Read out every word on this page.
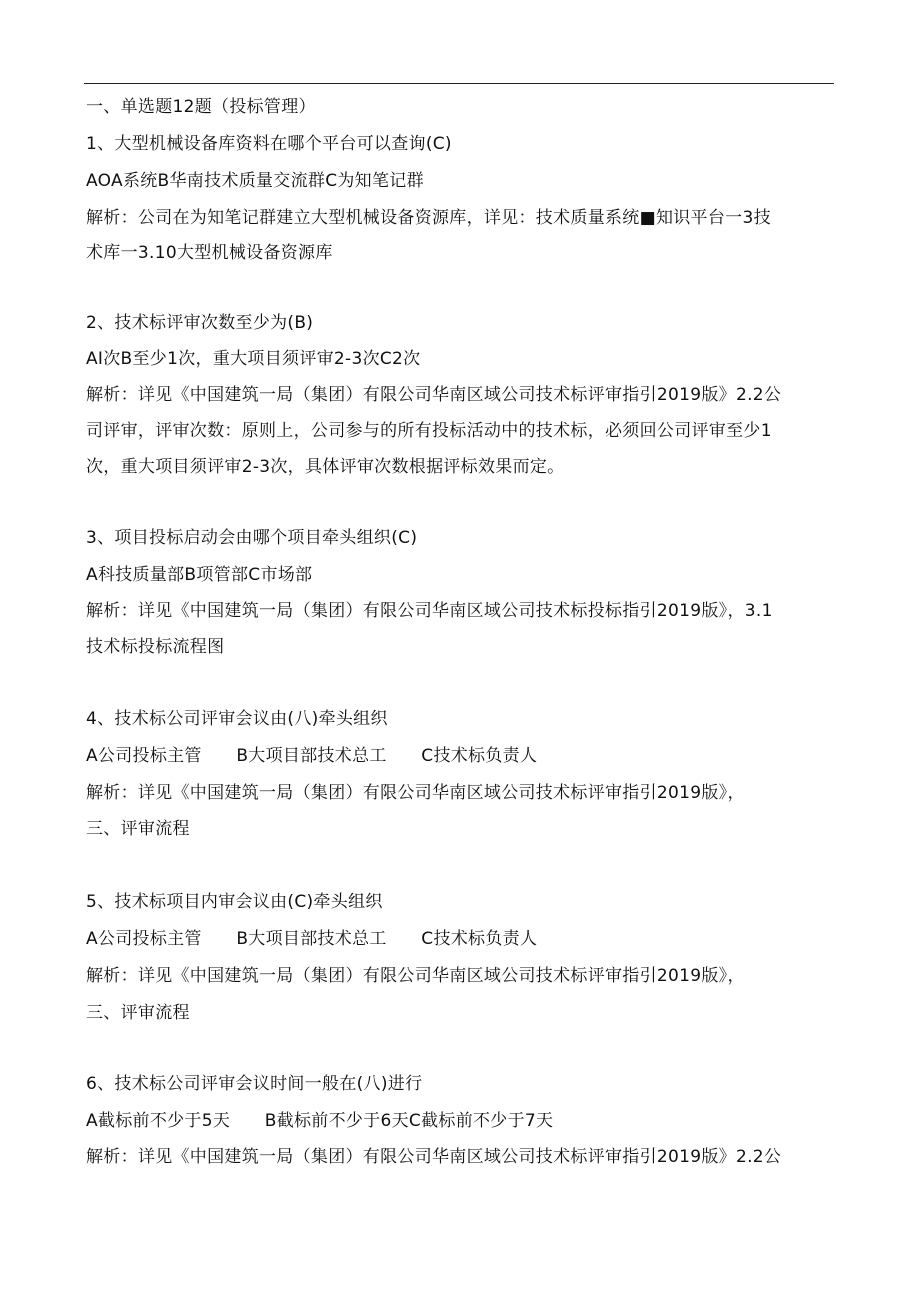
一、单选题12题（投标管理）
1、大型机械设备库资料在哪个平台可以查询(C)
AOA系统B华南技术质量交流群C为知笔记群
解析：公司在为知笔记群建立大型机械设备资源库，详见：技术质量系统■知识平台一3技
术库一3.10大型机械设备资源库
2、技术标评审次数至少为(B)
AI次B至少1次，重大项目须评审2-3次C2次
解析：详见《中国建筑一局（集团）有限公司华南区域公司技术标评审指引2019版》2.2公
司评审，评审次数：原则上，公司参与的所有投标活动中的技术标，必须回公司评审至少1
次，重大项目须评审2-3次，具体评审次数根据评标效果而定。
3、项目投标启动会由哪个项目牵头组织(C)
A科技质量部B项管部C市场部
解析：详见《中国建筑一局（集团）有限公司华南区域公司技术标投标指引2019版》，3.1
技术标投标流程图
4、技术标公司评审会议由(八)牵头组织
A公司投标主管　　B大项目部技术总工　　C技术标负责人
解析：详见《中国建筑一局（集团）有限公司华南区域公司技术标评审指引2019版》，
三、评审流程
5、技术标项目内审会议由(C)牵头组织
A公司投标主管　　B大项目部技术总工　　C技术标负责人
解析：详见《中国建筑一局（集团）有限公司华南区域公司技术标评审指引2019版》，
三、评审流程
6、技术标公司评审会议时间一般在(八)进行
A截标前不少于5天　　B截标前不少于6天C截标前不少于7天
解析：详见《中国建筑一局（集团）有限公司华南区域公司技术标评审指引2019版》2.2公
